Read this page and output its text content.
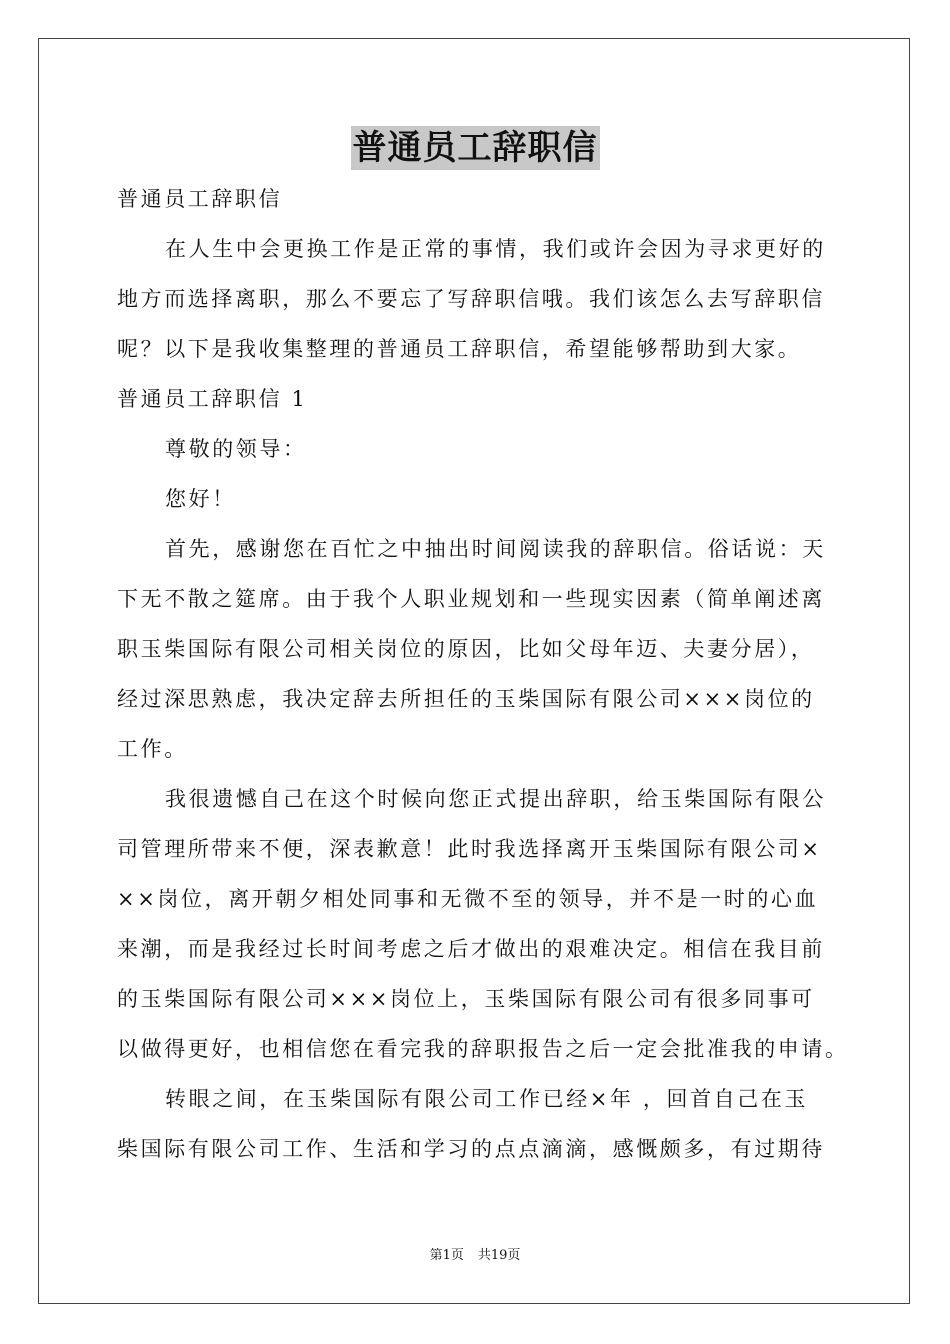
普通员工辞职信
普通员工辞职信
在人生中会更换工作是正常的事情，我们或许会因为寻求更好的
地方而选择离职，那么不要忘了写辞职信哦。我们该怎么去写辞职信
呢？以下是我收集整理的普通员工辞职信，希望能够帮助到大家。
普通员工辞职信 1
尊敬的领导：
您好！
首先，感谢您在百忙之中抽出时间阅读我的辞职信。俗话说：天
下无不散之筵席。由于我个人职业规划和一些现实因素（简单阐述离
职玉柴国际有限公司相关岗位的原因，比如父母年迈、夫妻分居），
经过深思熟虑，我决定辞去所担任的玉柴国际有限公司×××岗位的
工作。
我很遗憾自己在这个时候向您正式提出辞职，给玉柴国际有限公
司管理所带来不便，深表歉意！此时我选择离开玉柴国际有限公司×
××岗位，离开朝夕相处同事和无微不至的领导，并不是一时的心血
来潮，而是我经过长时间考虑之后才做出的艰难决定。相信在我目前
的玉柴国际有限公司×××岗位上，玉柴国际有限公司有很多同事可
以做得更好，也相信您在看完我的辞职报告之后一定会批准我的申请。
转眼之间，在玉柴国际有限公司工作已经×年 ，回首自己在玉
柴国际有限公司工作、生活和学习的点点滴滴，感慨颇多，有过期待
第1页 共19页
